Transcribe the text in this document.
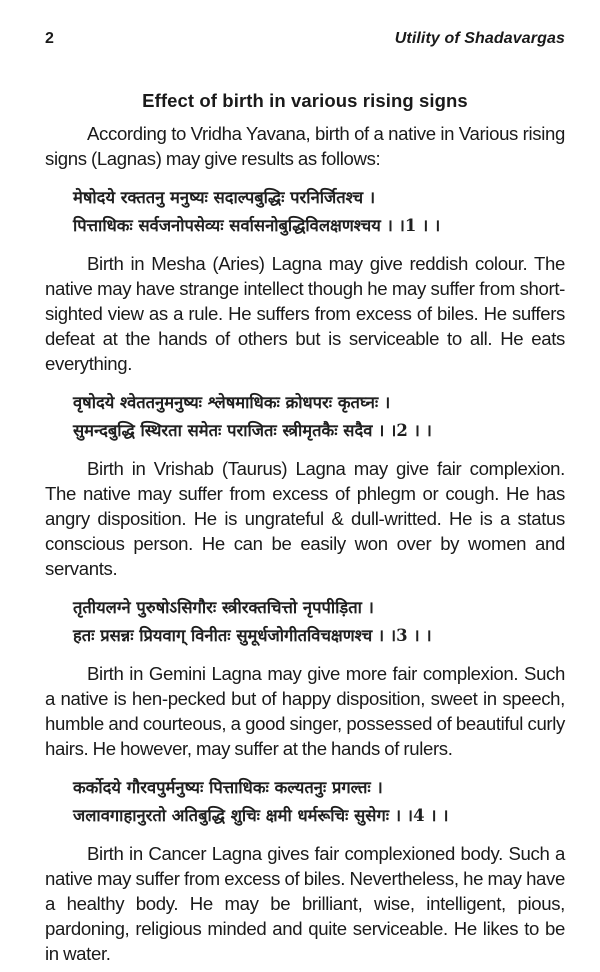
2	Utility of Shadavargas
Effect of birth in various rising signs

According to Vridha Yavana, birth of a native in Various rising signs (Lagnas) may give results as follows:

मेषोदये रक्ततनु मनुष्यः सदाल्पबुद्धिः परनिर्जितश्च ।
पित्ताधिकः सर्वजनोपसेव्यः सर्वासनोबुद्धिविलक्षणश्चय । ।1 । ।

Birth in Mesha (Aries) Lagna may give reddish colour. The native may have strange intellect though he may suffer from short-sighted view as a rule. He suffers from excess of biles. He suffers defeat at the hands of others but is serviceable to all. He eats everything.

वृषोदये श्वेततनुमनुष्यः श्लेषमाधिकः क्रोधपरः कृतघ्नः ।
सुमन्दबुद्धि स्थिरता समेतः पराजितः स्त्रीमृतकैः सदैव । ।2 । ।

Birth in Vrishab (Taurus) Lagna may give fair complexion. The native may suffer from excess of phlegm or cough. He has angry disposition. He is ungrateful & dull-writted. He is a status conscious person. He can be easily won over by women and servants.

तृतीयलग्ने पुरुषोऽसिगौरः स्त्रीरक्तचित्तो नृपपीड़िता ।
हतः प्रसन्नः प्रियवाग् विनीतः सुमूर्धजोगीतविचक्षणश्च । ।3 । ।

Birth in Gemini Lagna may give more fair complexion. Such a native is hen-pecked but of happy disposition, sweet in speech, humble and courteous, a good singer, possessed of beautiful curly hairs. He however, may suffer at the hands of rulers.

कर्कोदये गौरवपुर्मनुष्यः पित्ताधिकः कल्यतनुः प्रगल्तः ।
जलावगाहानुरतो अतिबुद्धि शुचिः क्षमी धर्मरूचिः सुसेगः । ।4 । ।

Birth in Cancer Lagna gives fair complexioned body. Such a native may suffer from excess of biles. Nevertheless, he may have a healthy body. He may be brilliant, wise, intelligent, pious, pardoning, religious minded and quite serviceable. He likes to be in water.
